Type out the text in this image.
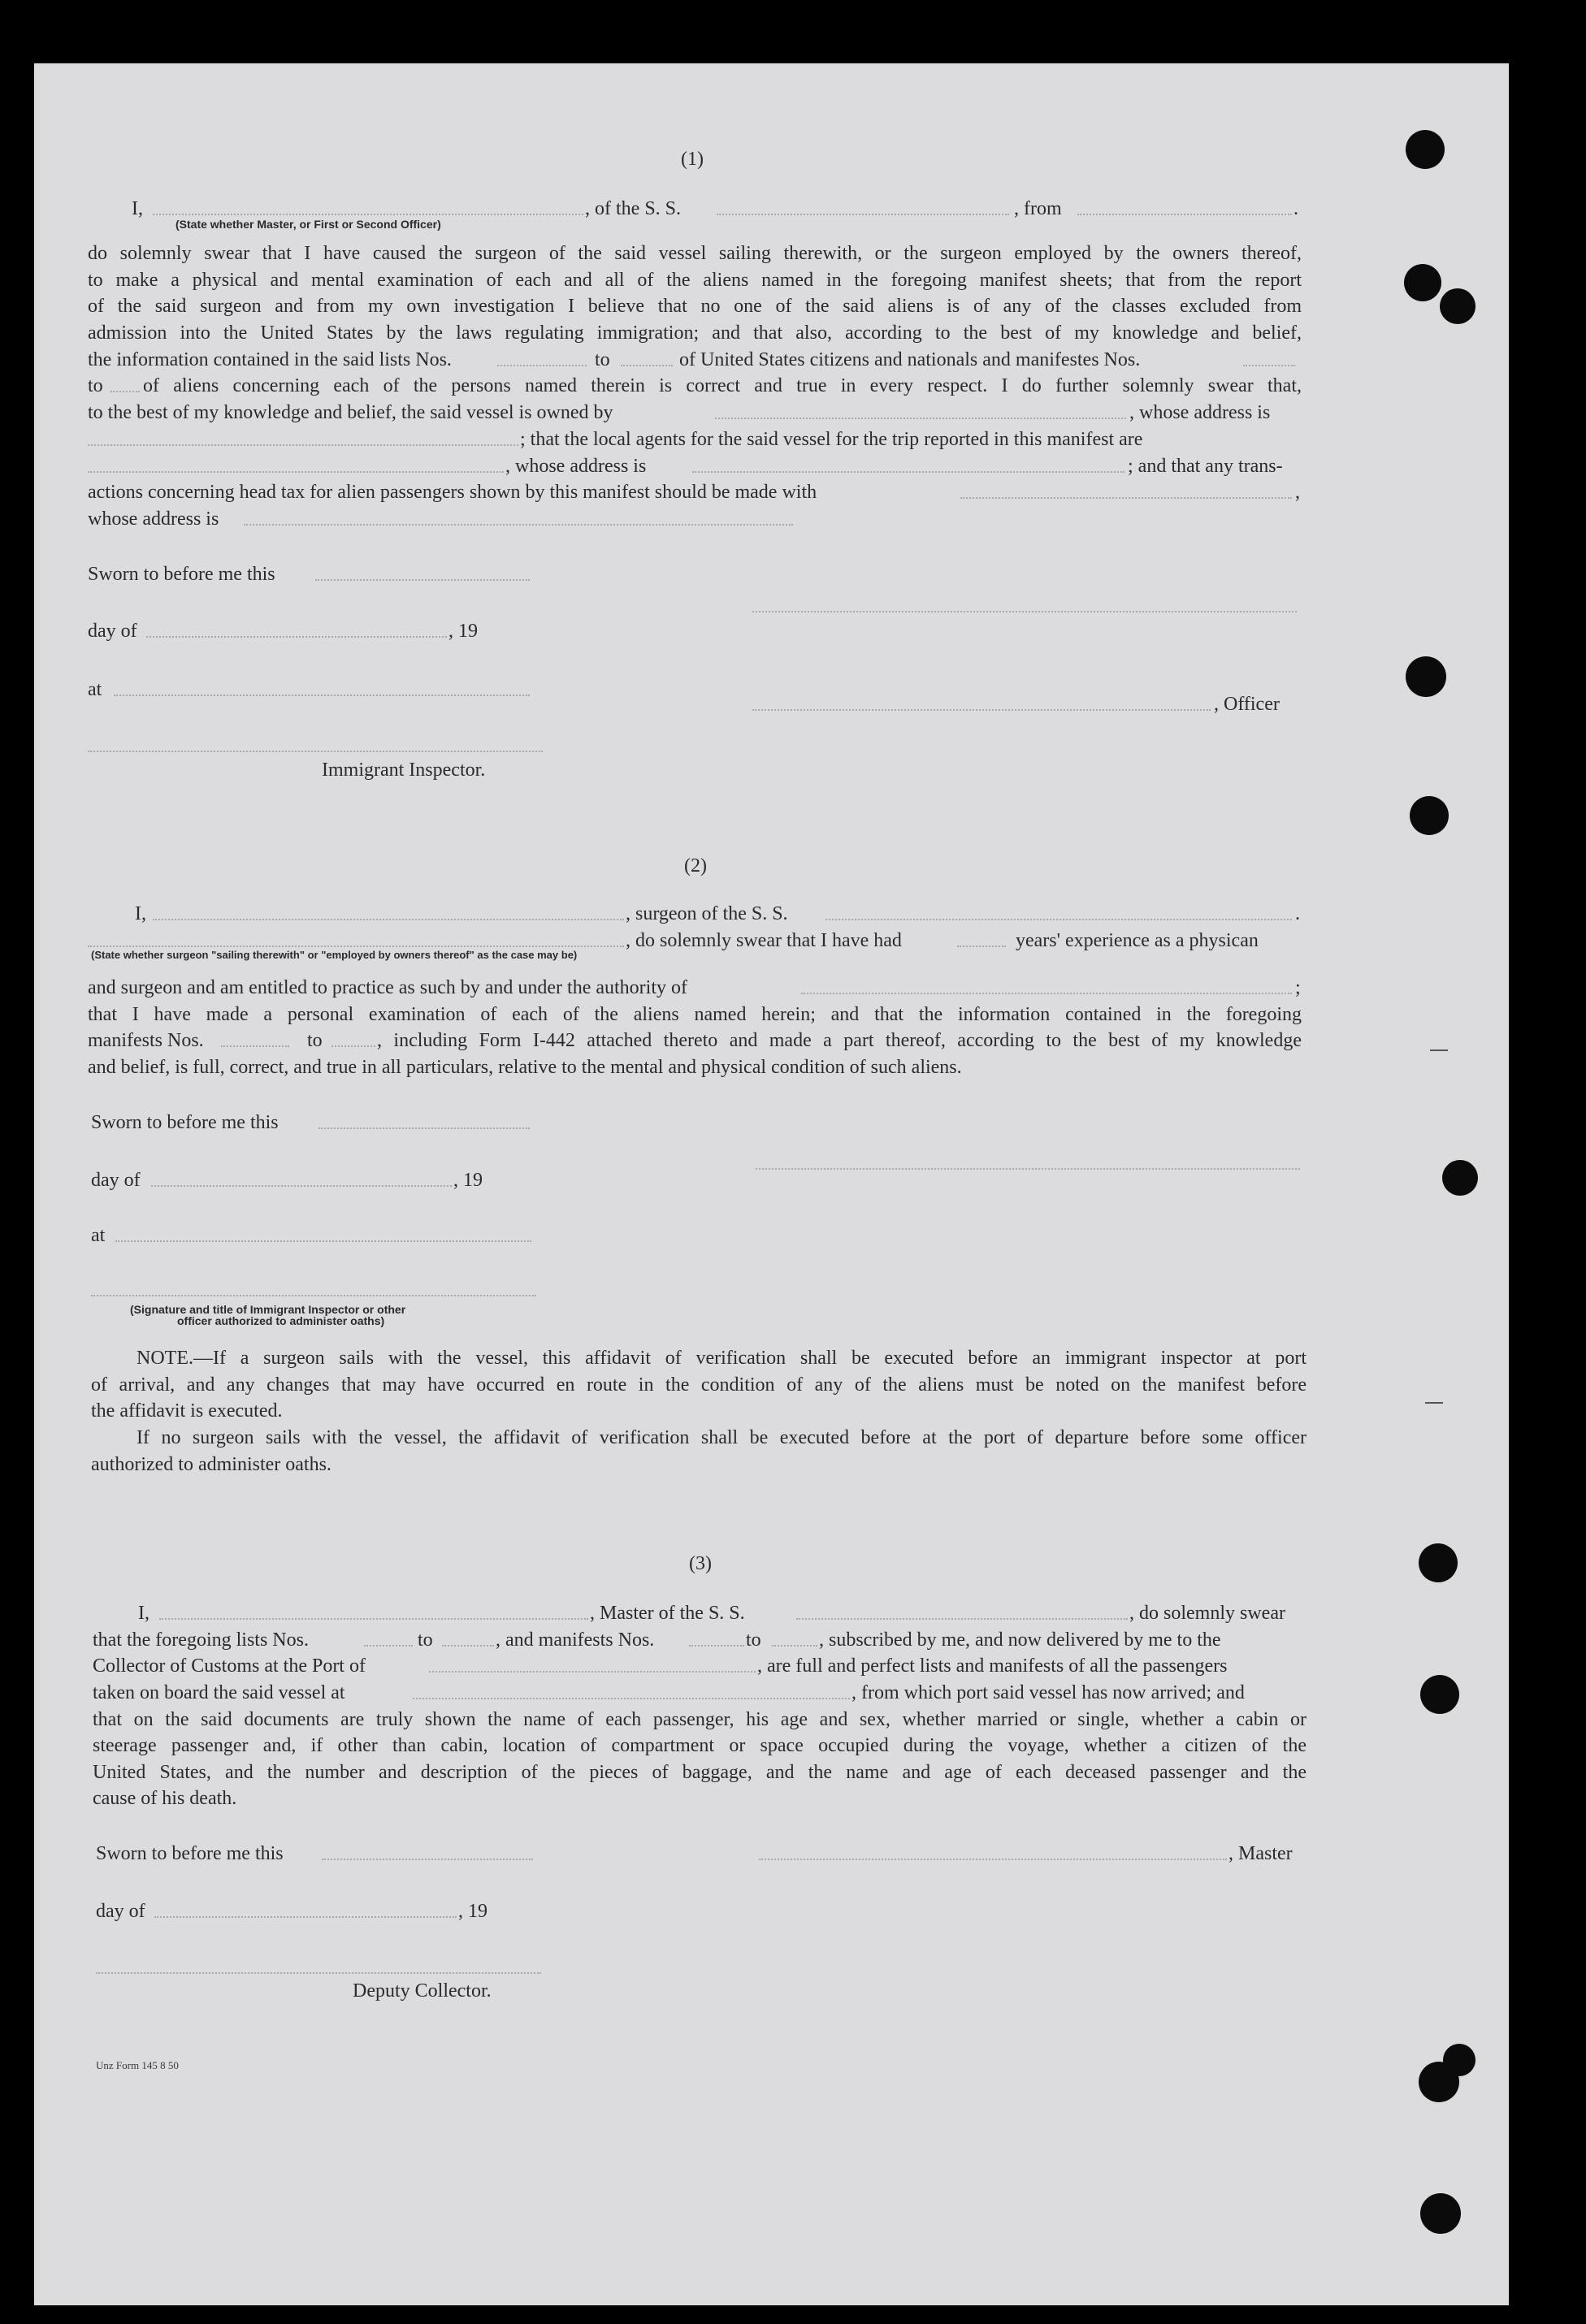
(1)
I,	, of the S. S.	, from	.
(State whether Master, or First or Second Officer)
do solemnly swear that I have caused the surgeon of the said vessel sailing therewith, or the surgeon employed by the owners thereof,
to make a physical and mental examination of each and all of the aliens named in the foregoing manifest sheets; that from the report
of the said surgeon and from my own investigation I believe that no one of the said aliens is of any of the classes excluded from
admission into the United States by the laws regulating immigration; and that also, according to the best of my knowledge and belief,
the information contained in the said lists Nos.	to	of United States citizens and nationals and manifestes Nos.
to of aliens concerning each of the persons named therein is correct and true in every respect. I do further solemnly swear that,
to the best of my knowledge and belief, the said vessel is owned by	, whose address is
; that the local agents for the said vessel for the trip reported in this manifest are
, whose address is	; and that any trans-
actions concerning head tax for alien passengers shown by this manifest should be made with	,
whose address is
Sworn to before me this
day of	, 19
at
, Officer
Immigrant Inspector.
(2)
I,	, surgeon of the S. S.	.
, do solemnly swear that I have had	years' experience as a physican
(State whether surgeon "sailing therewith" or "employed by owners thereof" as the case may be)
and surgeon and am entitled to practice as such by and under the authority of	;
that I have made a personal examination of each of the aliens named herein; and that the information contained in the foregoing
manifests Nos.	to	, including Form I-442 attached thereto and made a part thereof, according to the best of my knowledge
and belief, is full, correct, and true in all particulars, relative to the mental and physical condition of such aliens.
Sworn to before me this
day of	, 19
at
(Signature and title of Immigrant Inspector or other
officer authorized to administer oaths)
NOTE.—If a surgeon sails with the vessel, this affidavit of verification shall be executed before an immigrant inspector at port
of arrival, and any changes that may have occurred en route in the condition of any of the aliens must be noted on the manifest before
the affidavit is executed.
If no surgeon sails with the vessel, the affidavit of verification shall be executed before at the port of departure before some officer
authorized to administer oaths.
(3)
I,	, Master of the S. S.	, do solemnly swear
that the foregoing lists Nos.	to	, and manifests Nos.	to	, subscribed by me, and now delivered by me to the
Collector of Customs at the Port of	, are full and perfect lists and manifests of all the passengers
taken on board the said vessel at	, from which port said vessel has now arrived; and
that on the said documents are truly shown the name of each passenger, his age and sex, whether married or single, whether a cabin or
steerage passenger and, if other than cabin, location of compartment or space occupied during the voyage, whether a citizen of the
United States, and the number and description of the pieces of baggage, and the name and age of each deceased passenger and the
cause of his death.
Sworn to before me this	, Master
day of	, 19
Deputy Collector.
Unz Form 145 8 50
